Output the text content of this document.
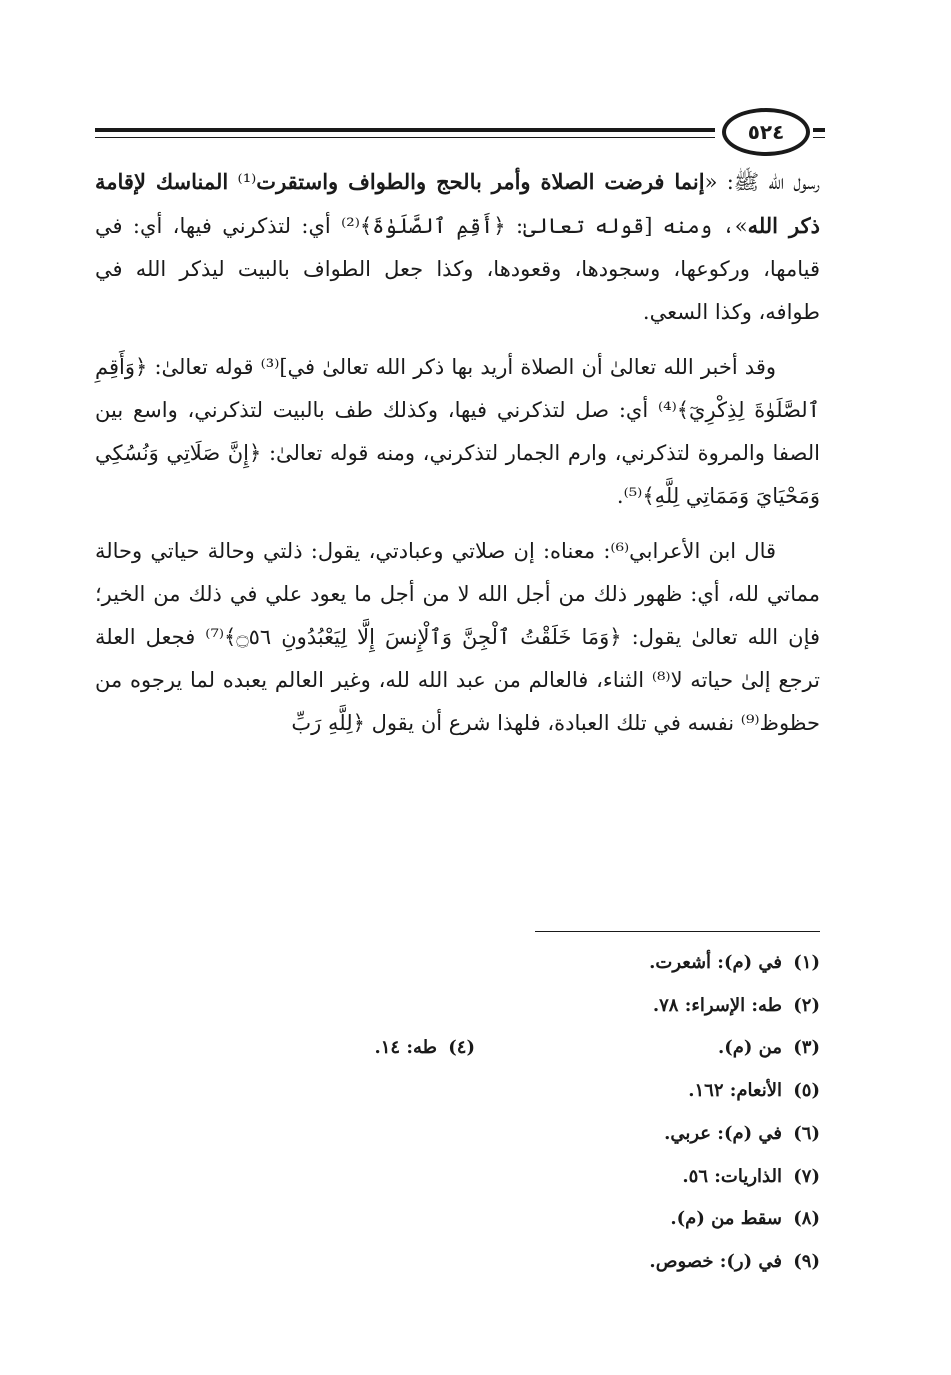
٥٢٤

رسول الله ﷺ: «إنما فرضت الصلاة وأمر بالحج والطواف واستقرت⁽¹⁾ المناسك لإقامة ذكر الله»، ومنه [قوله تعالىٰ: ﴿أَقِمِ ٱلصَّلَوٰةَ﴾⁽²⁾ أي: لتذكرني فيها، أي: في قيامها، وركوعها، وسجودها، وقعودها، وكذا جعل الطواف بالبيت ليذكر الله في طوافه، وكذا السعي.

وقد أخبر الله تعالىٰ أن الصلاة أريد بها ذكر الله تعالىٰ في]⁽³⁾ قوله تعالىٰ: ﴿وَأَقِمِ ٱلصَّلَوٰةَ لِذِكْرِيٓ﴾⁽⁴⁾ أي: صل لتذكرني فيها، وكذلك طف بالبيت لتذكرني، واسع بين الصفا والمروة لتذكرني، وارم الجمار لتذكرني، ومنه قوله تعالىٰ: ﴿إِنَّ صَلَاتِي وَنُسُكِي وَمَحْيَايَ وَمَمَاتِي لِلَّهِ﴾⁽⁵⁾.

قال ابن الأعرابي⁽⁶⁾: معناه: إن صلاتي وعبادتي، يقول: ذلتي وحالة حياتي وحالة مماتي لله، أي: ظهور ذلك من أجل الله لا من أجل ما يعود علي في ذلك من الخير؛ فإن الله تعالىٰ يقول: ﴿وَمَا خَلَقْتُ ٱلْجِنَّ وَٱلْإِنسَ إِلَّا لِيَعْبُدُونِ ۝٥٦﴾⁽⁷⁾ فجعل العلة ترجع إلىٰ حياته لا⁽⁸⁾ الثناء، فالعالم من عبد الله لله، وغير العالم يعبده لما يرجوه من حظوظ⁽⁹⁾ نفسه في تلك العبادة، فلهذا شرع أن يقول ﴿لِلَّهِ رَبِّ

(١)
في (م): أشعرت.
(٢)
طه: الإسراء: ٧٨.
(٣)
من (م).
(٤)
طه: ١٤.
(٥)
الأنعام: ١٦٢.
(٦)
في (م): عربي.
(٧)
الذاريات: ٥٦.
(٨)
سقط من (م).
(٩)
في (ر): خصوص.
